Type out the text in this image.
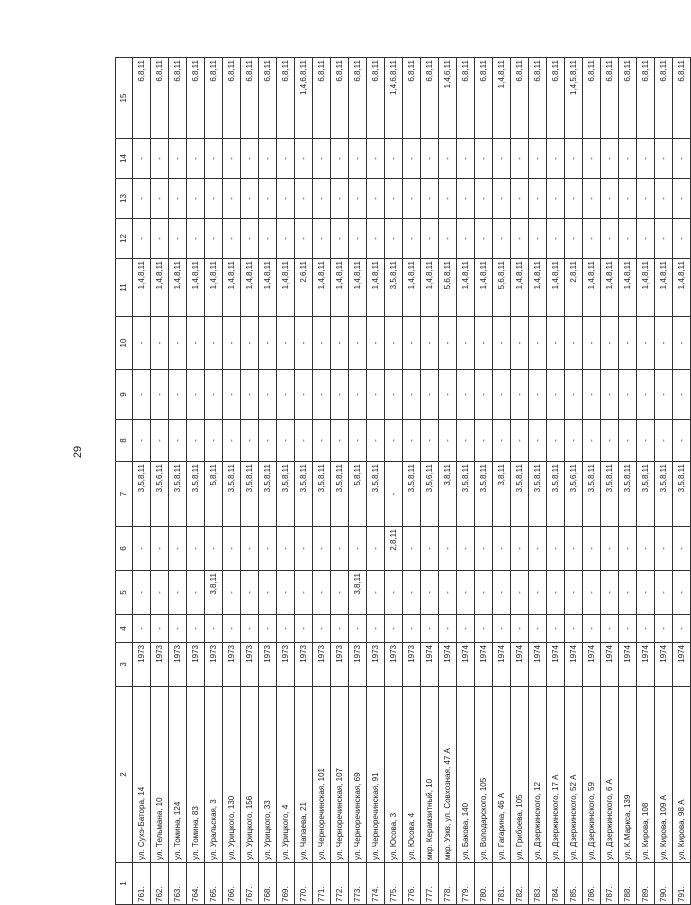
29
1	2	3	4	5	6	7	8	9	10	11	12	13	14	15
761.	ул. Сухэ-Батора, 14	1973	-	-	-	3,5,8,11	-	-	-	1,4,8,11	-	-	-	6,8,11
762.	ул. Тельмана, 10	1973	-	-	-	3,5,6,11	-	-	-	1,4,8,11	-	-	-	6,8,11
763.	ул. Томина, 124	1973	-	-	-	3,5,8,11	-	-	-	1,4,8,11	-	-	-	6,8,11
764.	ул. Томина, 83	1973	-	-	-	3,5,8,11	-	-	-	1,4,8,11	-	-	-	6,8,11
765.	ул. Уральская, 3	1973	-	3,8,11	-	5,8,11	-	-	-	1,4,8,11	-	-	-	6,8,11
766.	ул. Урицкого, 130	1973	-	-	-	3,5,8,11	-	-	-	1,4,8,11	-	-	-	6,8,11
767.	ул. Урицкого, 156	1973	-	-	-	3,5,8,11	-	-	-	1,4,8,11	-	-	-	6,8,11
768.	ул. Урицкого, 33	1973	-	-	-	3,5,8,11	-	-	-	1,4,8,11	-	-	-	6,8,11
769.	ул. Урицкого, 4	1973	-	-	-	3,5,8,11	-	-	-	1,4,8,11	-	-	-	6,8,11
770.	ул. Чапаева, 21	1973	-	-	-	3,5,8,11	-	-	-	2,6,11	-	-	-	1,4,6,8,11
771.	ул. Черноречинская, 101	1973	-	-	-	3,5,8,11	-	-	-	1,4,8,11	-	-	-	6,8,11
772.	ул. Черноречинская, 107	1973	-	-	-	3,5,8,11	-	-	-	1,4,8,11	-	-	-	6,8,11
773.	ул. Черноречинская, 69	1973	-	3,8,11	-	5,8,11	-	-	-	1,4,8,11	-	-	-	6,8,11
774.	ул. Черноречинская, 91	1973	-	-	-	3,5,8,11	-	-	-	1,4,8,11	-	-	-	6,8,11
775.	ул. Юсова, 3	1973	-	-	2,8,11	-	-	-	-	3,5,8,11	-	-	-	1,4,6,8,11
776.	ул. Юсова, 4	1973	-	-	-	3,5,8,11	-	-	-	1,4,8,11	-	-	-	6,8,11
777.	мкр. Керамзитный, 10	1974	-	-	-	3,5,6,11	-	-	-	1,4,8,11	-	-	-	6,8,11
778.	мкр. Узкв, ул. Совхозная, 47 А	1974	-	-	-	3,8,11	-	-	-	5,6,8,11	-	-	-	1,4,6,11
779.	ул. Бакова, 140	1974	-	-	-	3,5,8,11	-	-	-	1,4,8,11	-	-	-	6,8,11
780.	ул. Володарского, 105	1974	-	-	-	3,5,8,11	-	-	-	1,4,8,11	-	-	-	6,8,11
781.	ул. Гагарина, 46 А	1974	-	-	-	3,8,11	-	-	-	5,6,8,11	-	-	-	1,4,8,11
782.	ул. Грибоева, 105	1974	-	-	-	3,5,8,11	-	-	-	1,4,8,11	-	-	-	6,8,11
783.	ул. Дзержинского, 12	1974	-	-	-	3,5,8,11	-	-	-	1,4,8,11	-	-	-	6,8,11
784.	ул. Дзержинского, 17 А	1974	-	-	-	3,5,8,11	-	-	-	1,4,8,11	-	-	-	6,8,11
785.	ул. Дзержинского, 52 А	1974	-	-	-	3,5,6,11	-	-	-	2,8,11	-	-	-	1,4,5,8,11
786.	ул. Дзержинского, 59	1974	-	-	-	3,5,8,11	-	-	-	1,4,8,11	-	-	-	6,8,11
787.	ул. Дзержинского, 6 А	1974	-	-	-	3,5,8,11	-	-	-	1,4,8,11	-	-	-	6,8,11
788.	ул. К.Маркса, 139	1974	-	-	-	3,5,8,11	-	-	-	1,4,8,11	-	-	-	6,8,11
789.	ул. Кирова, 108	1974	-	-	-	3,5,8,11	-	-	-	1,4,8,11	-	-	-	6,8,11
790.	ул. Кирова, 109 А	1974	-	-	-	3,5,8,11	-	-	-	1,4,8,11	-	-	-	6,8,11
791.	ул. Кирова, 98 А	1974	-	-	-	3,5,8,11	-	-	-	1,4,8,11	-	-	-	6,8,11
